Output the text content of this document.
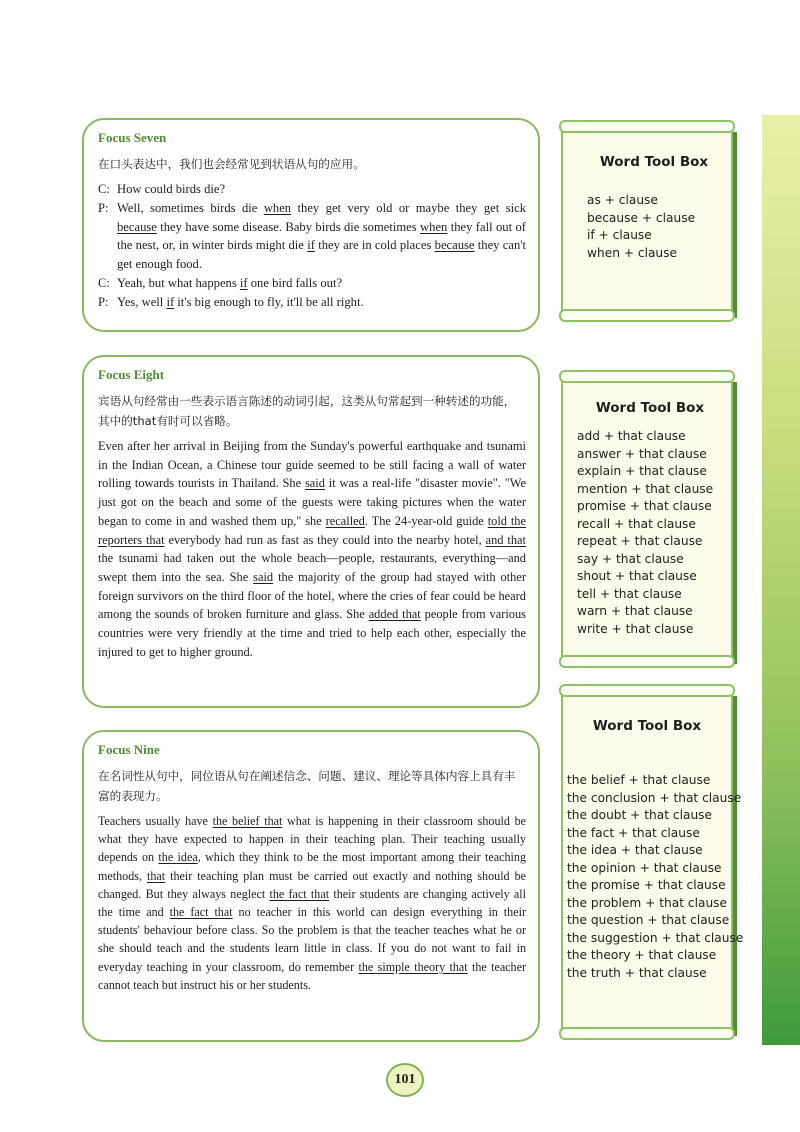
Focus Seven
在口头表达中，我们也会经常见到状语从句的应用。
C: How could birds die?
P: Well, sometimes birds die when they get very old or maybe they get sick because they have some disease. Baby birds die sometimes when they fall out of the nest, or, in winter birds might die if they are in cold places because they can't get enough food.
C: Yeah, but what happens if one bird falls out?
P: Yes, well if it's big enough to fly, it'll be all right.
Focus Eight
宾语从句经常由一些表示语言陈述的动词引起，这类从句常起到一种转述的功能，其中的that有时可以省略。
Even after her arrival in Beijing from the Sunday's powerful earthquake and tsunami in the Indian Ocean, a Chinese tour guide seemed to be still facing a wall of water rolling towards tourists in Thailand. She said it was a real-life "disaster movie". "We just got on the beach and some of the guests were taking pictures when the water began to come in and washed them up," she recalled. The 24-year-old guide told the reporters that everybody had run as fast as they could into the nearby hotel, and that the tsunami had taken out the whole beach—people, restaurants, everything—and swept them into the sea. She said the majority of the group had stayed with other foreign survivors on the third floor of the hotel, where the cries of fear could be heard among the sounds of broken furniture and glass. She added that people from various countries were very friendly at the time and tried to help each other, especially the injured to get to higher ground.
Focus Nine
在名词性从句中，同位语从句在阐述信念、问题、建议、理论等具体内容上具有丰富的表现力。
Teachers usually have the belief that what is happening in their classroom should be what they have expected to happen in their teaching plan. Their teaching usually depends on the idea, which they think to be the most important among their teaching methods, that their teaching plan must be carried out exactly and nothing should be changed. But they always neglect the fact that their students are changing actively all the time and the fact that no teacher in this world can design everything in their students' behaviour before class. So the problem is that the teacher teaches what he or she should teach and the students learn little in class. If you do not want to fail in everyday teaching in your classroom, do remember the simple theory that the teacher cannot teach but instruct his or her students.
Word Tool Box
as + clause
because + clause
if + clause
when + clause
Word Tool Box
add + that clause
answer + that clause
explain + that clause
mention + that clause
promise + that clause
recall + that clause
repeat + that clause
say + that clause
shout + that clause
tell + that clause
warn + that clause
write + that clause
Word Tool Box
the belief + that clause
the conclusion + that clause
the doubt + that clause
the fact + that clause
the idea + that clause
the opinion + that clause
the promise + that clause
the problem + that clause
the question + that clause
the suggestion + that clause
the theory + that clause
the truth + that clause
101
